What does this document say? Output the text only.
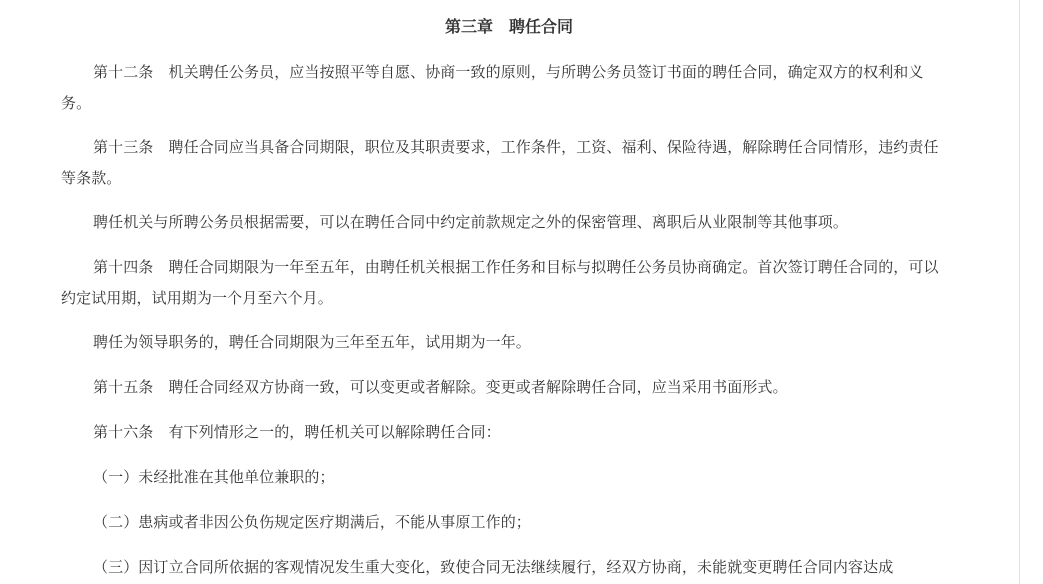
第三章　聘任合同

第十二条　机关聘任公务员，应当按照平等自愿、协商一致的原则，与所聘公务员签订书面的聘任合同，确定双方的权利和义务。

第十三条　聘任合同应当具备合同期限，职位及其职责要求，工作条件，工资、福利、保险待遇，解除聘任合同情形，违约责任等条款。

聘任机关与所聘公务员根据需要，可以在聘任合同中约定前款规定之外的保密管理、离职后从业限制等其他事项。

第十四条　聘任合同期限为一年至五年，由聘任机关根据工作任务和目标与拟聘任公务员协商确定。首次签订聘任合同的，可以约定试用期，试用期为一个月至六个月。

聘任为领导职务的，聘任合同期限为三年至五年，试用期为一年。

第十五条　聘任合同经双方协商一致，可以变更或者解除。变更或者解除聘任合同，应当采用书面形式。

第十六条　有下列情形之一的，聘任机关可以解除聘任合同：

（一）未经批准在其他单位兼职的；

（二）患病或者非因公负伤规定医疗期满后，不能从事原工作的；

（三）因订立合同所依据的客观情况发生重大变化，致使合同无法继续履行，经双方协商，未能就变更聘任合同内容达成
